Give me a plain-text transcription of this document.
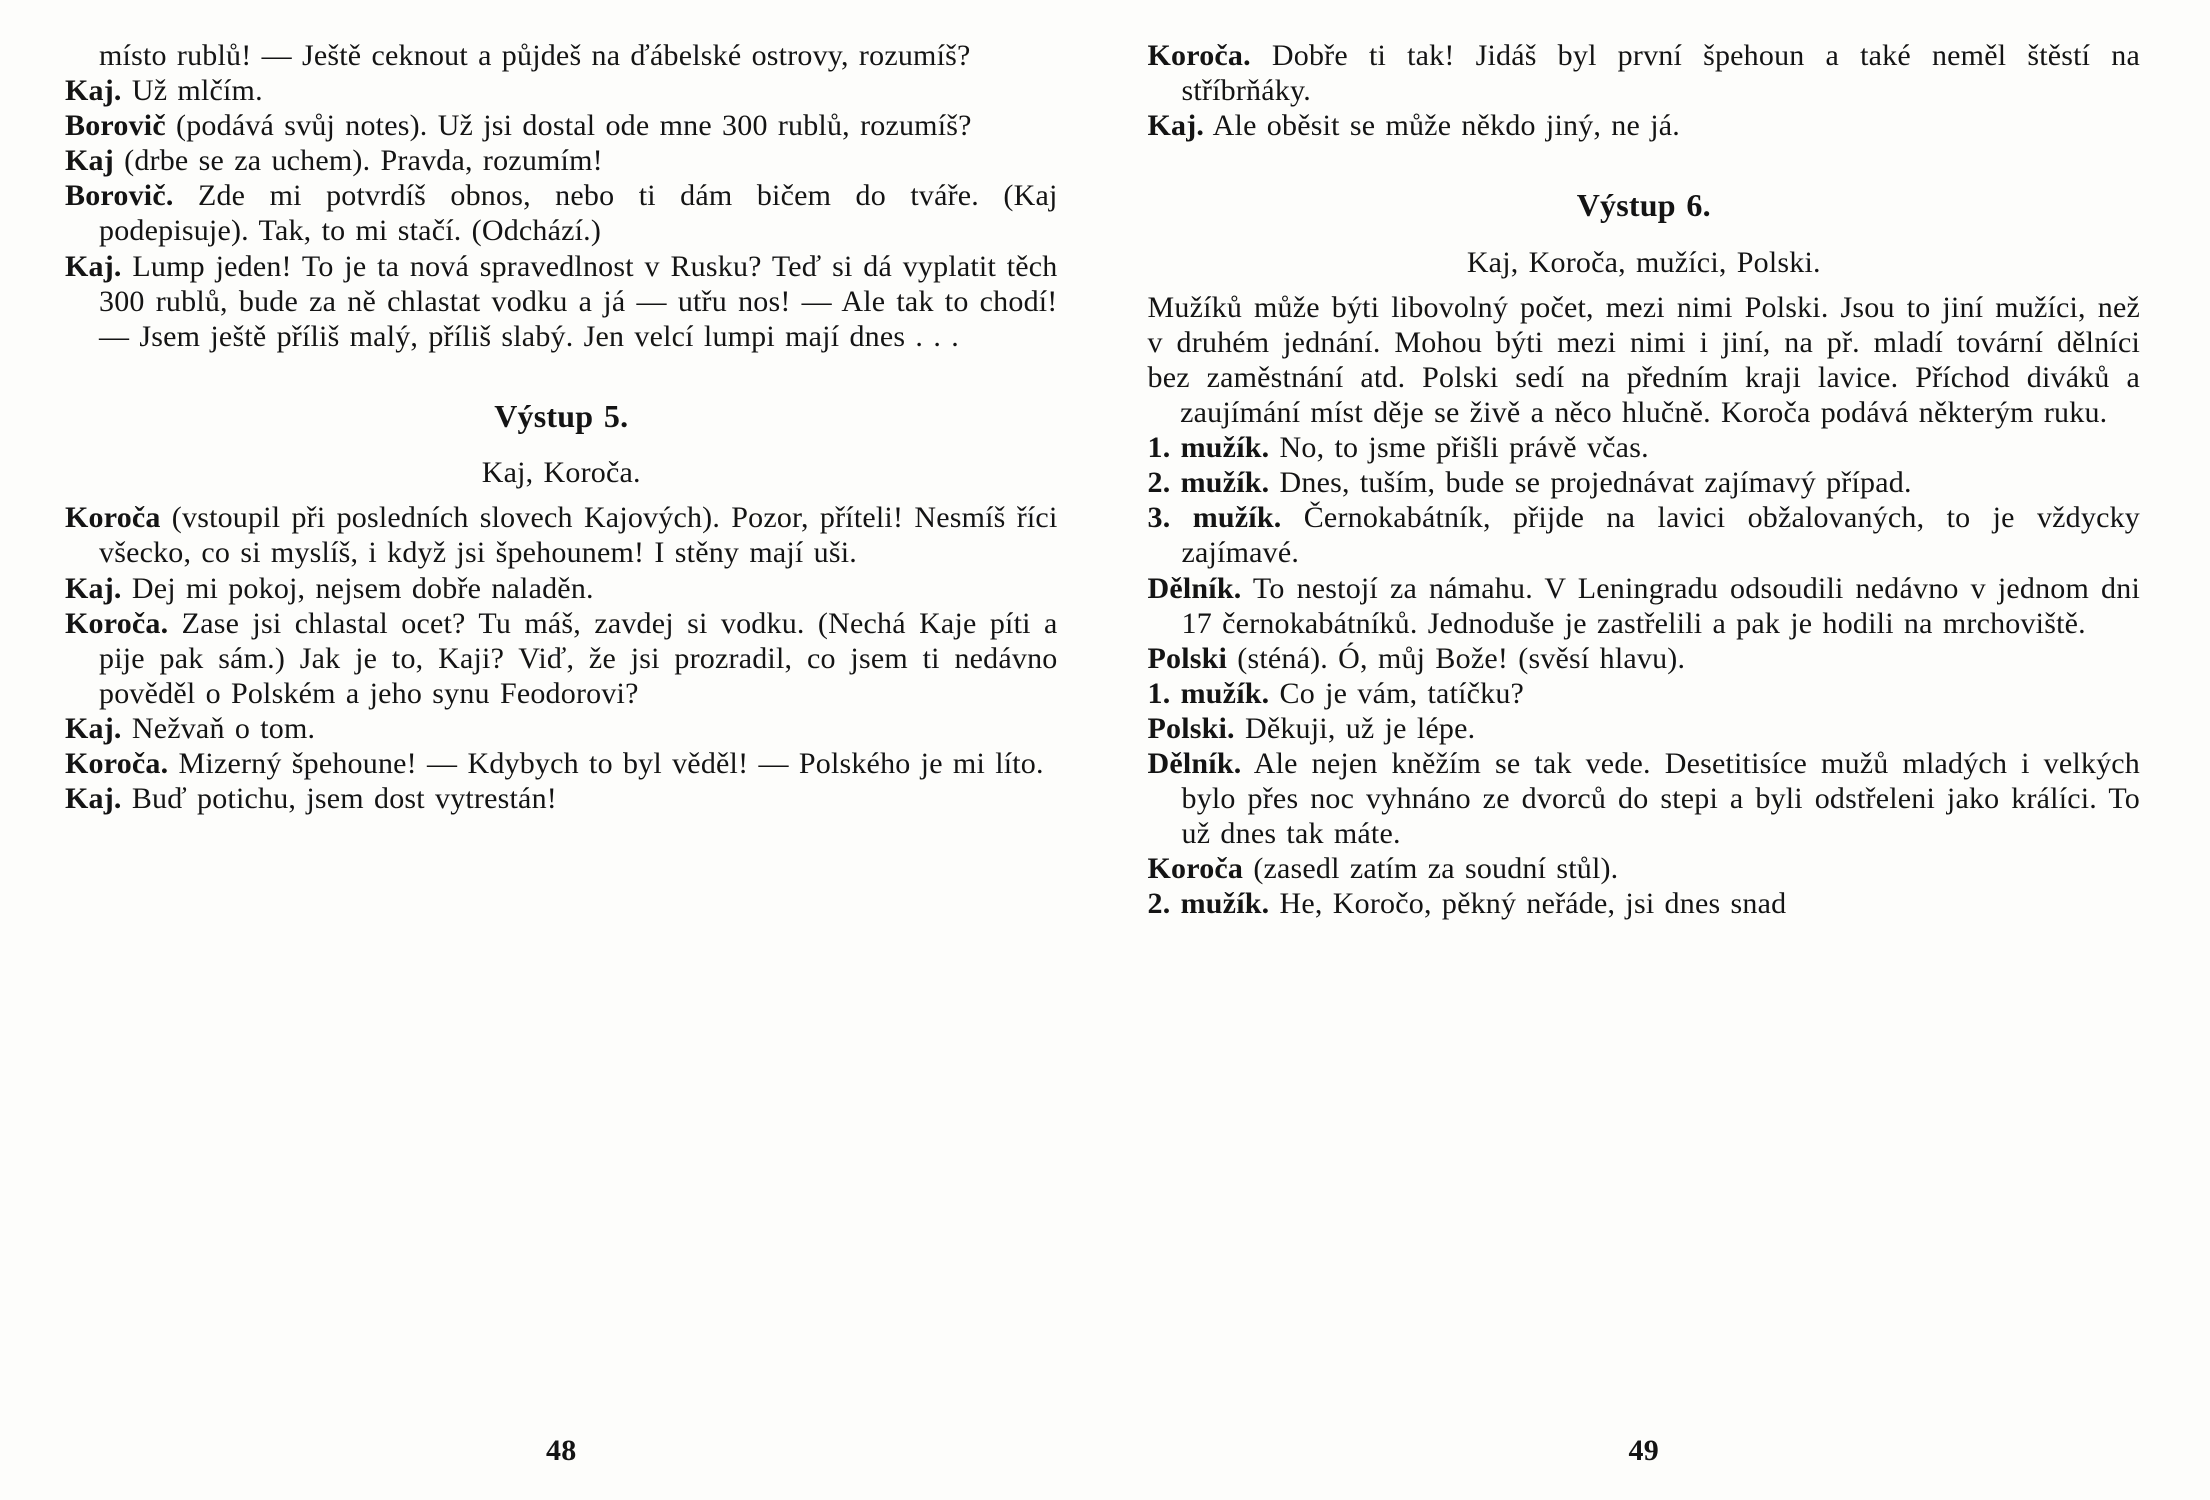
místo rublů! — Ještě ceknout a půjdeš na ďábelské ostrovy, rozumíš?
Kaj. Už mlčím.
Borovič (podává svůj notes). Už jsi dostal ode mne 300 rublů, rozumíš?
Kaj (drbe se za uchem). Pravda, rozumím!
Borovič. Zde mi potvrdíš obnos, nebo ti dám bičem do tváře. (Kaj podepisuje). Tak, to mi stačí. (Odchází.)
Kaj. Lump jeden! To je ta nová spravedlnost v Rusku? Teď si dá vyplatit těch 300 rublů, bude za ně chlastat vodku a já — utřu nos! — Ale tak to chodí! — Jsem ještě příliš malý, příliš slabý. Jen velcí lumpi mají dnes . . .
Výstup 5.
Kaj, Koroča.
Koroča (vstoupil při posledních slovech Kajových). Pozor, příteli! Nesmíš říci všecko, co si myslíš, i když jsi špehounem! I stěny mají uši.
Kaj. Dej mi pokoj, nejsem dobře naladěn.
Koroča. Zase jsi chlastal ocet? Tu máš, zavdej si vodku. (Nechá Kaje píti a pije pak sám.) Jak je to, Kaji? Viď, že jsi prozradil, co jsem ti nedávno pověděl o Polském a jeho synu Feodorovi?
Kaj. Nežvaň o tom.
Koroča. Mizerný špehoune! — Kdybych to byl věděl! — Polského je mi líto.
Kaj. Buď potichu, jsem dost vytrestán!
48
Koroča. Dobře ti tak! Jidáš byl první špehoun a také neměl štěstí na stříbrňáky.
Kaj. Ale oběsit se může někdo jiný, ne já.
Výstup 6.
Kaj, Koroča, mužíci, Polski.
Mužíků může býti libovolný počet, mezi nimi Polski. Jsou to jiní mužíci, než v druhém jednání. Mohou býti mezi nimi i jiní, na př. mladí tovární dělníci bez zaměstnání atd. Polski sedí na předním kraji lavice. Příchod diváků a zaujímání míst děje se živě a něco hlučně. Koroča podává některým ruku.
1. mužík. No, to jsme přišli právě včas.
2. mužík. Dnes, tuším, bude se projednávat zajímavý případ.
3. mužík. Černokabátník, přijde na lavici obžalovaných, to je vždycky zajímavé.
Dělník. To nestojí za námahu. V Leningradu odsoudili nedávno v jednom dni 17 černokabátníků. Jednoduše je zastřelili a pak je hodili na mrchoviště.
Polski (sténá). Ó, můj Bože! (svěsí hlavu).
1. mužík. Co je vám, tatíčku?
Polski. Děkuji, už je lépe.
Dělník. Ale nejen kněžím se tak vede. Desetitisíce mužů mladých i velkých bylo přes noc vyhnáno ze dvorců do stepi a byli odstřeleni jako králíci. To už dnes tak máte.
Koroča (zasedl zatím za soudní stůl).
2. mužík. He, Koročo, pěkný neřáde, jsi dnes snad
49
